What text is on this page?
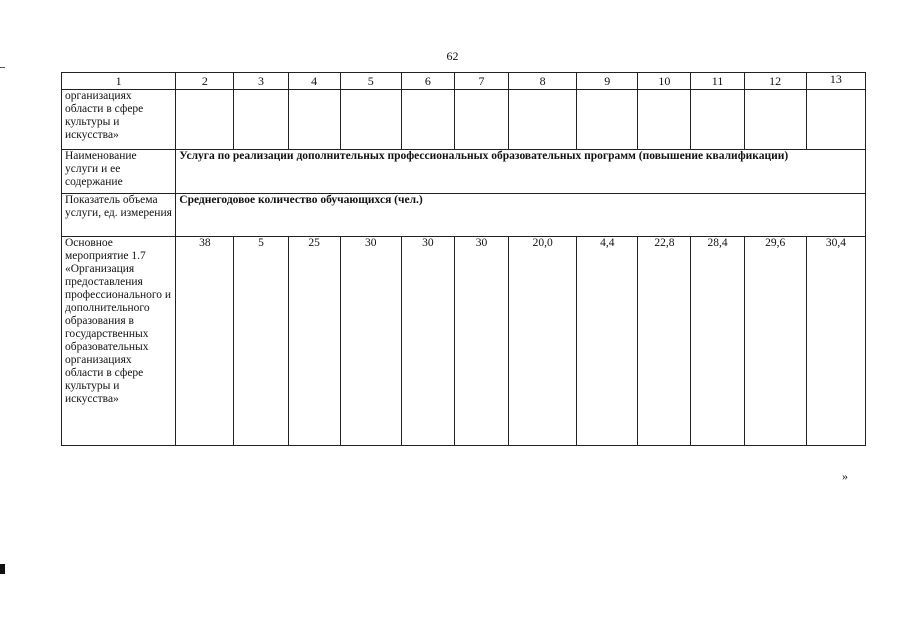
62
1	2	3	4	5	6	7	8	9	10	11	12	13
организациях области в сфере культуры и искусства»												
Наименование услуги и ее содержание	Услуга по реализации дополнительных профессиональных образовательных программ (повышение квалификации)											
Показатель объема услуги, ед. измерения	Среднегодовое количество обучающихся (чел.)											
Основное мероприятие 1.7 «Организация предоставления профессионального и дополнительного образования в государственных образовательных организациях области в сфере культуры и искусства»	38	5	25	30	30	30	20,0	4,4	22,8	28,4	29,6	30,4
»
